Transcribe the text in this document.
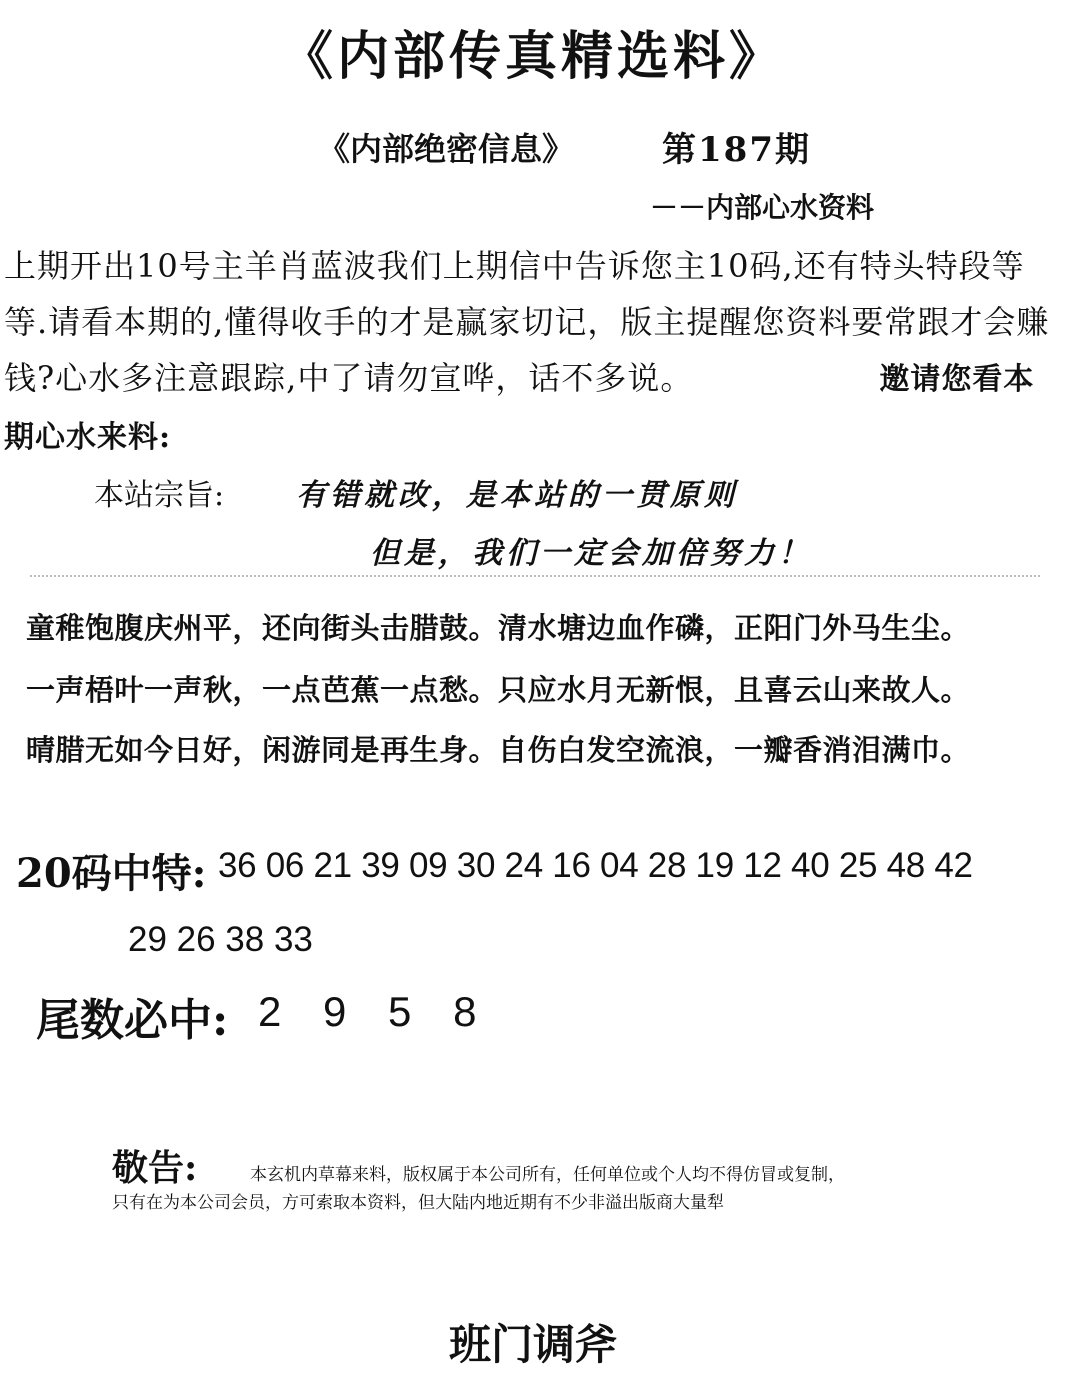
《内部传真精选料》
《内部绝密信息》	第187期
－－内部心水资料
上期开出10号主羊肖蓝波我们上期信中告诉您主10码,还有特头特段等等.请看本期的,懂得收手的才是赢家切记，版主提醒您资料要常跟才会赚钱?心水多注意跟踪,中了请勿宣哗，话不多说。	邀请您看本期心水来料:
本站宗旨: 有错就改，是本站的一贯原则
但是，我们一定会加倍努力！
童稚饱腹庆州平，还向街头击腊鼓。清水塘边血作磷，正阳门外马生尘。
一声梧叶一声秋，一点芭蕉一点愁。只应水月无新恨，且喜云山来故人。
晴腊无如今日好，闲游同是再生身。自伤白发空流浪，一瓣香消泪满巾。
20码中特: 36 06 21 39 09 30 24 16 04 28 19 12 40 25 48 42
29 26 38 33
尾数必中: 2 9 5 8
敬告:	本玄机内草幕来料，版权属于本公司所有，任何单位或个人均不得仿冒或复制，
只有在为本公司会员，方可索取本资料，但大陆内地近期有不少非溢出版商大量犁
班门调斧
